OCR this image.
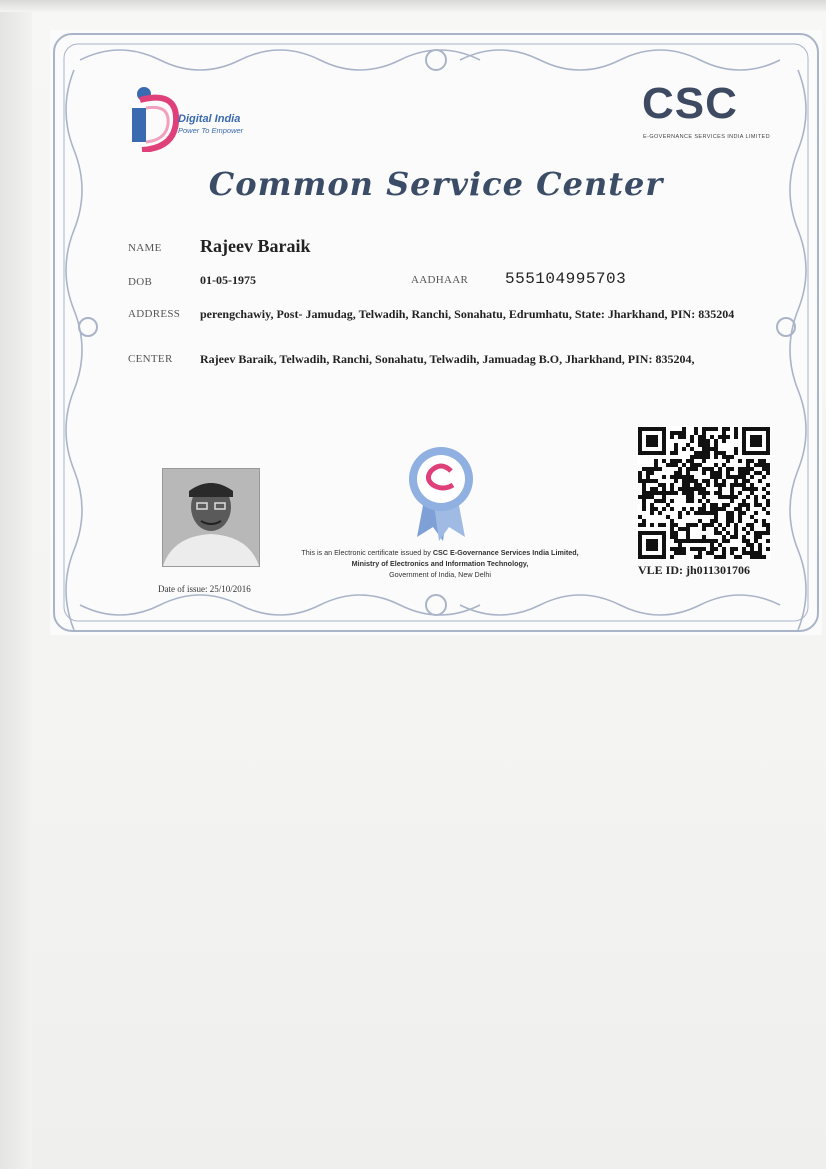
Digital India
Power To Empower
CSC
E-GOVERNANCE SERVICES INDIA LIMITED
Common Service Center
NAME Rajeev Baraik
DOB	01-05-1975	AADHAAR 555104995703
ADDRESS perengchawiy, Post- Jamudag, Telwadih, Ranchi, Sonahatu, Edrumhatu, State: Jharkhand, PIN: 835204
CENTER Rajeev Baraik, Telwadih, Ranchi, Sonahatu, Telwadih, Jamuadag B.O, Jharkhand, PIN: 835204,
This is an Electronic certificate issued by CSC E-Governance Services India Limited,
Ministry of Electronics and Information Technology,
Government of India, New Delhi
Date of issue: 25/10/2016
VLE ID: jh011301706
